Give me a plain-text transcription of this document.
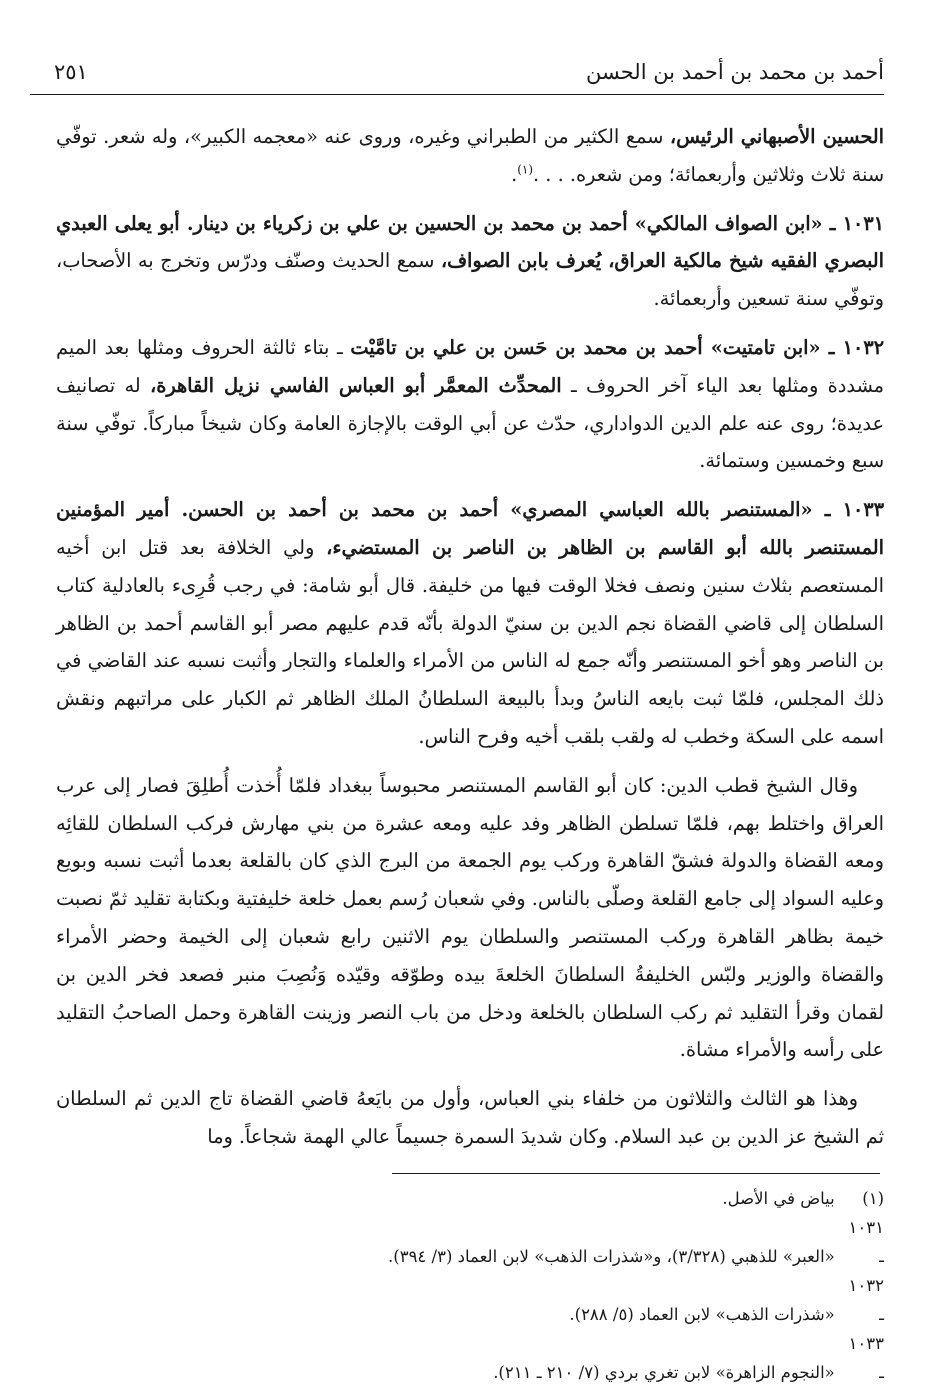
أحمد بن محمد بن أحمد بن الحسن
٢٥١

الحسين الأصبهاني الرئيس، سمع الكثير من الطبراني وغيره، وروى عنه «معجمه الكبير»، وله شعر. توفّي سنة ثلاث وثلاثين وأربعمائة؛ ومن شعره. . . .$^{(١)}$.

١٠٣١ ـ «ابن الصواف المالكي» أحمد بن محمد بن الحسين بن علي بن زكرياء بن دينار. أبو يعلى العبدي البصري الفقيه شيخ مالكية العراق، يُعرف بابن الصواف، سمع الحديث وصنّف ودرّس وتخرج به الأصحاب، وتوفّي سنة تسعين وأربعمائة.

١٠٣٢ ـ «ابن تامتيت» أحمد بن محمد بن حَسن بن علي بن تامَّيْت ـ بتاء ثالثة الحروف ومثلها بعد الميم مشددة ومثلها بعد الياء آخر الحروف ـ المحدِّث المعمَّر أبو العباس الفاسي نزيل القاهرة، له تصانيف عديدة؛ روى عنه علم الدين الدواداري، حدّث عن أبي الوقت بالإجازة العامة وكان شيخاً مباركاً. توفّي سنة سبع وخمسين وستمائة.

١٠٣٣ ـ «المستنصر بالله العباسي المصري» أحمد بن محمد بن أحمد بن الحسن. أمير المؤمنين المستنصر بالله أبو القاسم بن الظاهر بن الناصر بن المستضيء، ولي الخلافة بعد قتل ابن أخيه المستعصم بثلاث سنين ونصف فخلا الوقت فيها من خليفة. قال أبو شامة: في رجب قُرِىء بالعادلية كتاب السلطان إلى قاضي القضاة نجم الدين بن سنيّ الدولة بأنّه قدم عليهم مصر أبو القاسم أحمد بن الظاهر بن الناصر وهو أخو المستنصر وأنّه جمع له الناس من الأمراء والعلماء والتجار وأثبت نسبه عند القاضي في ذلك المجلس، فلمّا ثبت بايعه الناسُ وبدأ بالبيعة السلطانُ الملك الظاهر ثم الكبار على مراتبهم ونقش اسمه على السكة وخطب له ولقب بلقب أخيه وفرح الناس.

وقال الشيخ قطب الدين: كان أبو القاسم المستنصر محبوساً ببغداد فلمّا أُخذت أُطلِقَ فصار إلى عرب العراق واختلط بهم، فلمّا تسلطن الظاهر وفد عليه ومعه عشرة من بني مهارش فركب السلطان للقائِه ومعه القضاة والدولة فشقّ القاهرة وركب يوم الجمعة من البرج الذي كان بالقلعة بعدما أثبت نسبه وبويع وعليه السواد إلى جامع القلعة وصلّى بالناس. وفي شعبان رُسم بعمل خلعة خليفتية وبكتابة تقليد ثمّ نصبت خيمة بظاهر القاهرة وركب المستنصر والسلطان يوم الاثنين رابع شعبان إلى الخيمة وحضر الأمراء والقضاة والوزير ولبّس الخليفةُ السلطانَ الخلعةَ بيده وطوّقه وقيّده وَنُصِبَ منبر فصعد فخر الدين بن لقمان وقرأ التقليد ثم ركب السلطان بالخلعة ودخل من باب النصر وزينت القاهرة وحمل الصاحبُ التقليد على رأسه والأمراء مشاة.

وهذا هو الثالث والثلاثون من خلفاء بني العباس، وأول من بايَعهُ قاضي القضاة تاج الدين ثم السلطان ثم الشيخ عز الدين بن عبد السلام. وكان شديدَ السمرة جسيماً عالي الهمة شجاعاً. وما

(١) بياض في الأصل.
١٠٣١ ـ «العبر» للذهبي (٣/٣٢٨)، و«شذرات الذهب» لابن العماد (٣/ ٣٩٤).
١٠٣٢ ـ «شذرات الذهب» لابن العماد (٥/ ٢٨٨).
١٠٣٣ ـ «النجوم الزاهرة» لابن تغري بردي (٧/ ٢١٠ ـ ٢١١).
